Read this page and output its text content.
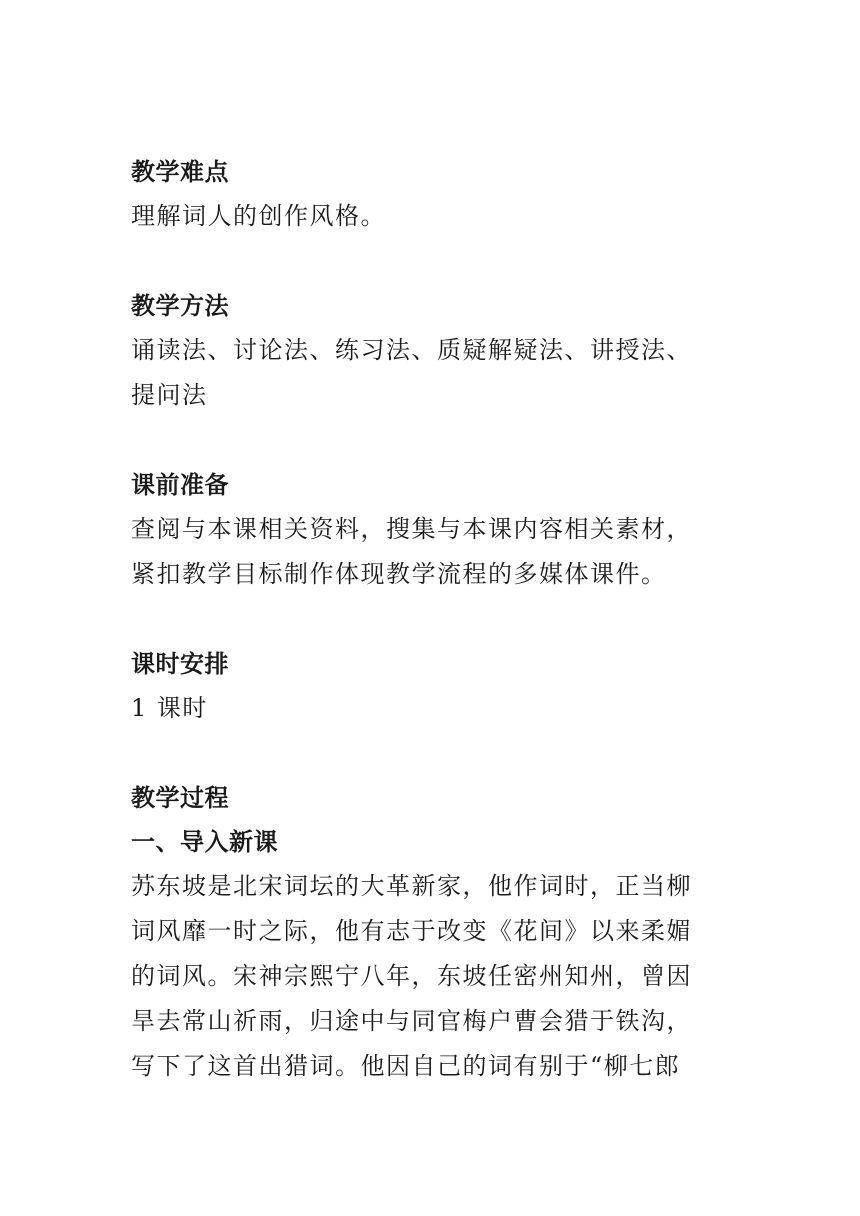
教学难点
理解词人的创作风格。
教学方法
诵读法、讨论法、练习法、质疑解疑法、讲授法、
提问法
课前准备
查阅与本课相关资料，搜集与本课内容相关素材，
紧扣教学目标制作体现教学流程的多媒体课件。
课时安排
1 课时
教学过程
一、导入新课
苏东坡是北宋词坛的大革新家，他作词时，正当柳
词风靡一时之际，他有志于改变《花间》以来柔媚
的词风。宋神宗熙宁八年，东坡任密州知州，曾因
旱去常山祈雨，归途中与同官梅户曹会猎于铁沟，
写下了这首出猎词。他因自己的词有别于“柳七郎
